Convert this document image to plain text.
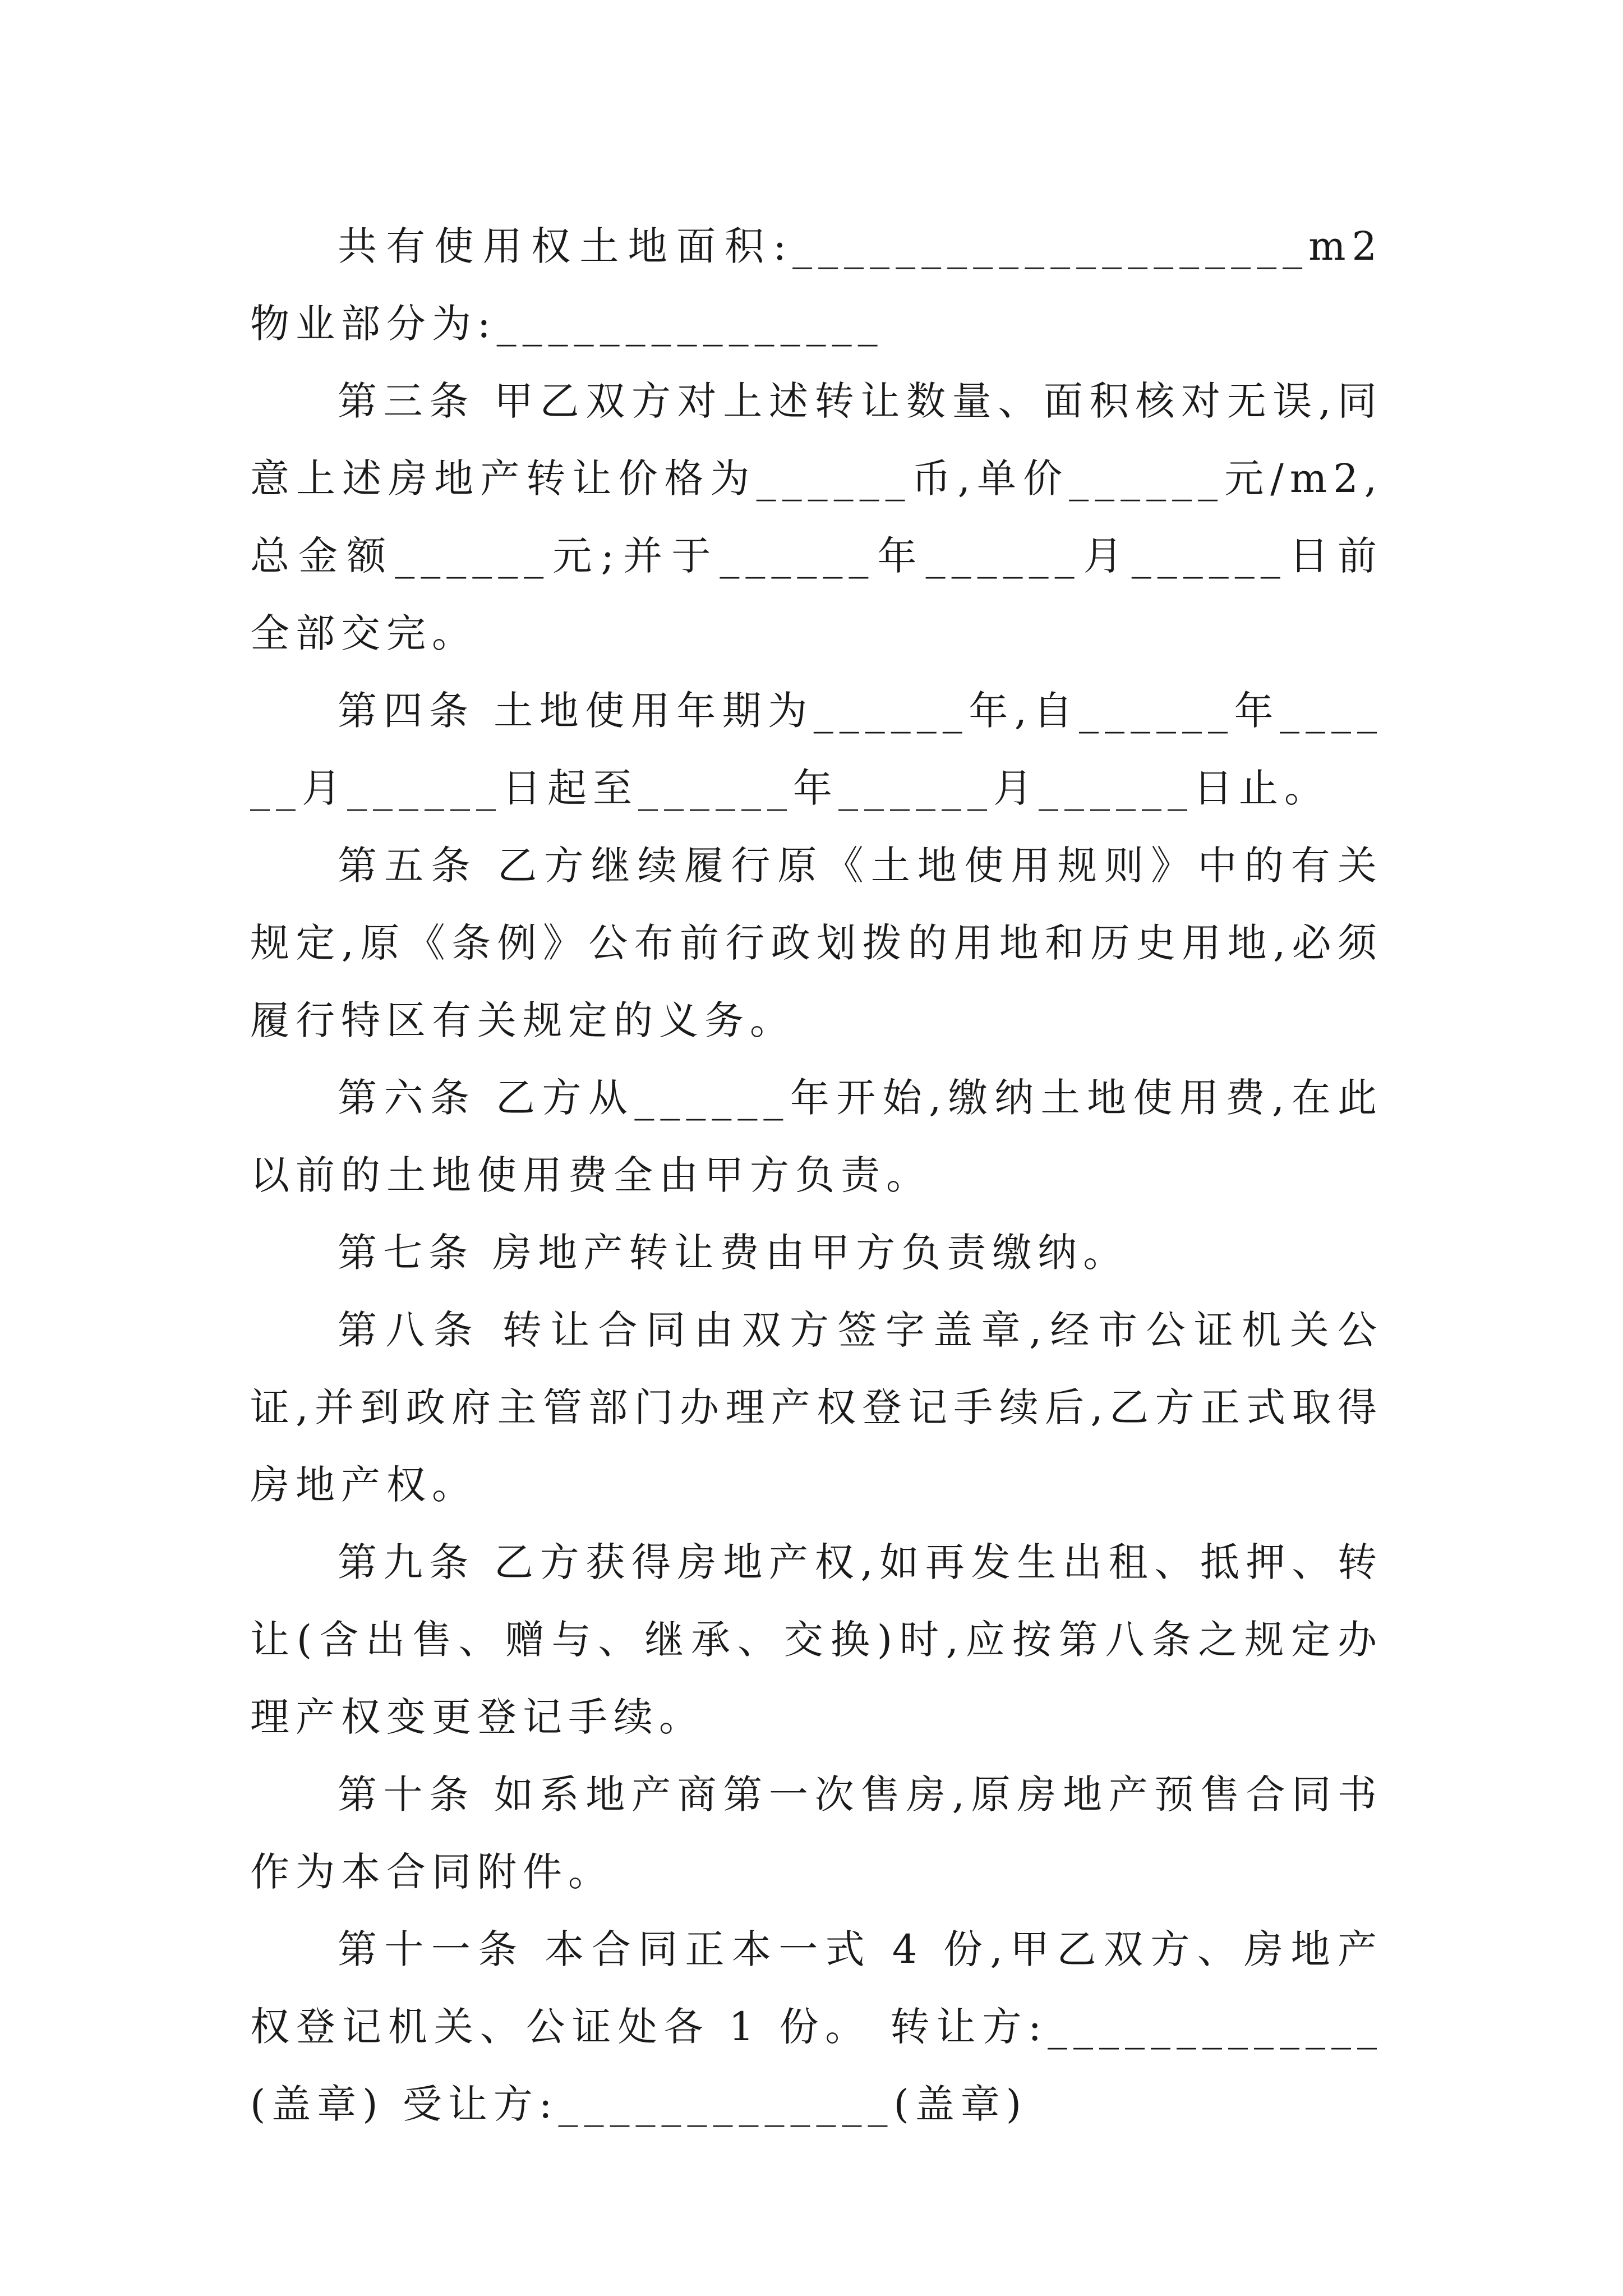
共有使用权土地面积:____________________m2 物业部分为:_______________

第三条 甲乙双方对上述转让数量、面积核对无误,同意上述房地产转让价格为______币,单价______元/m2,总金额______元;并于______年______月______日前全部交完。

第四条 土地使用年期为______年,自______年______月______日起至______年______月______日止。

第五条 乙方继续履行原《土地使用规则》中的有关规定,原《条例》公布前行政划拨的用地和历史用地,必须履行特区有关规定的义务。

第六条 乙方从______年开始,缴纳土地使用费,在此以前的土地使用费全由甲方负责。

第七条 房地产转让费由甲方负责缴纳。

第八条 转让合同由双方签字盖章,经市公证机关公证,并到政府主管部门办理产权登记手续后,乙方正式取得房地产权。

第九条 乙方获得房地产权,如再发生出租、抵押、转让(含出售、赠与、继承、交换)时,应按第八条之规定办理产权变更登记手续。

第十条 如系地产商第一次售房,原房地产预售合同书作为本合同附件。

第十一条 本合同正本一式 4 份,甲乙双方、房地产权登记机关、公证处各 1 份。 转让方:_____________(盖章) 受让方:_____________(盖章)
